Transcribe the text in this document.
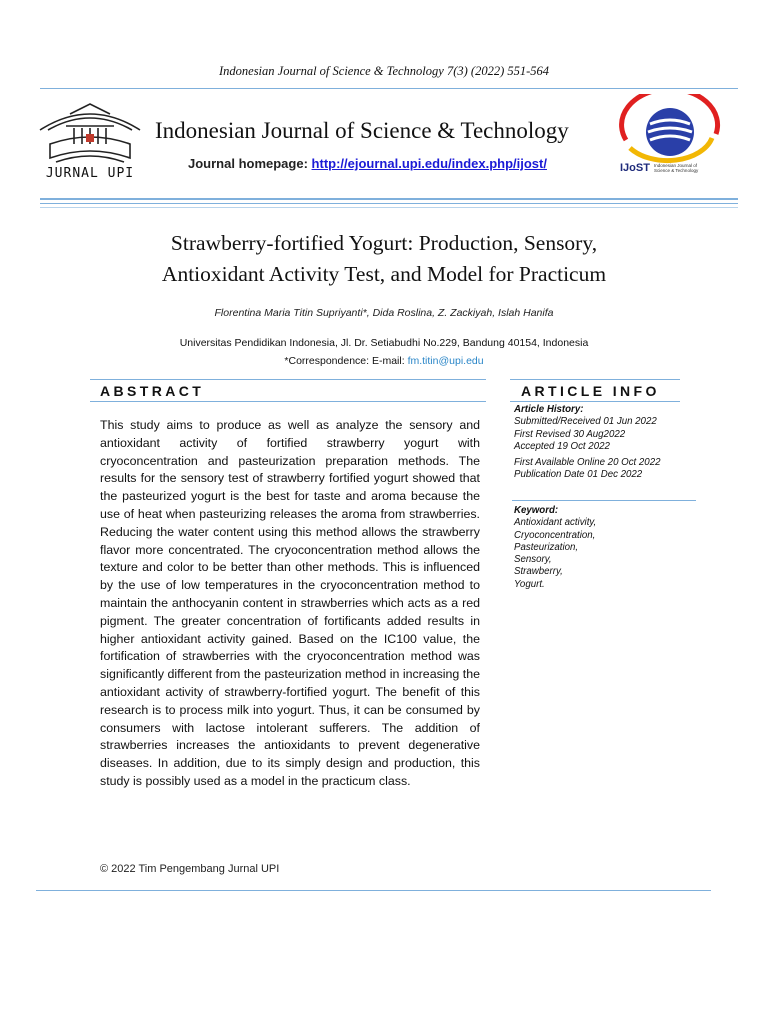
Indonesian Journal of Science & Technology 7(3) (2022) 551-564
JURNAL UPI
Indonesian Journal of Science & Technology
Journal homepage: http://ejournal.upi.edu/index.php/ijost/	IJoST Indonesian Journal of
Science & Technology
Strawberry-fortified Yogurt: Production, Sensory,
Antioxidant Activity Test, and Model for Practicum
Florentina Maria Titin Supriyanti*, Dida Roslina, Z. Zackiyah, Islah Hanifa
Universitas Pendidikan Indonesia, Jl. Dr. Setiabudhi No.229, Bandung 40154, Indonesia
*Correspondence: E-mail: fm.titin@upi.edu
ABSTRACT	ARTICLE INFO

This study aims to produce as well as analyze the sensory and antioxidant activity of fortified strawberry yogurt with cryoconcentration and pasteurization preparation methods. The results for the sensory test of strawberry fortified yogurt showed that the pasteurized yogurt is the best for taste and aroma because the use of heat when pasteurizing releases the aroma from strawberries. Reducing the water content using this method allows the strawberry flavor more concentrated. The cryoconcentration method allows the texture and color to be better than other methods. This is influenced by the use of low temperatures in the cryoconcentration method to maintain the anthocyanin content in strawberries which acts as a red pigment. The greater concentration of fortificants added results in higher antioxidant activity gained. Based on the IC100 value, the fortification of strawberries with the cryoconcentration method was significantly different from the pasteurization method in increasing the antioxidant activity of strawberry-fortified yogurt. The benefit of this research is to process milk into yogurt. Thus, it can be consumed by consumers with lactose intolerant sufferers. The addition of strawberries increases the antioxidants to prevent degenerative diseases. In addition, due to its simply design and production, this study is possibly used as a model in the practicum class.

Article History:
Submitted/Received 01 Jun 2022
First Revised 30 Aug2022
Accepted 19 Oct 2022
First Available Online 20 Oct 2022
Publication Date 01 Dec 2022
Keyword:
Antioxidant activity,
Cryoconcentration,
Pasteurization,
Sensory,
Strawberry,
Yogurt.
© 2022 Tim Pengembang Jurnal UPI
